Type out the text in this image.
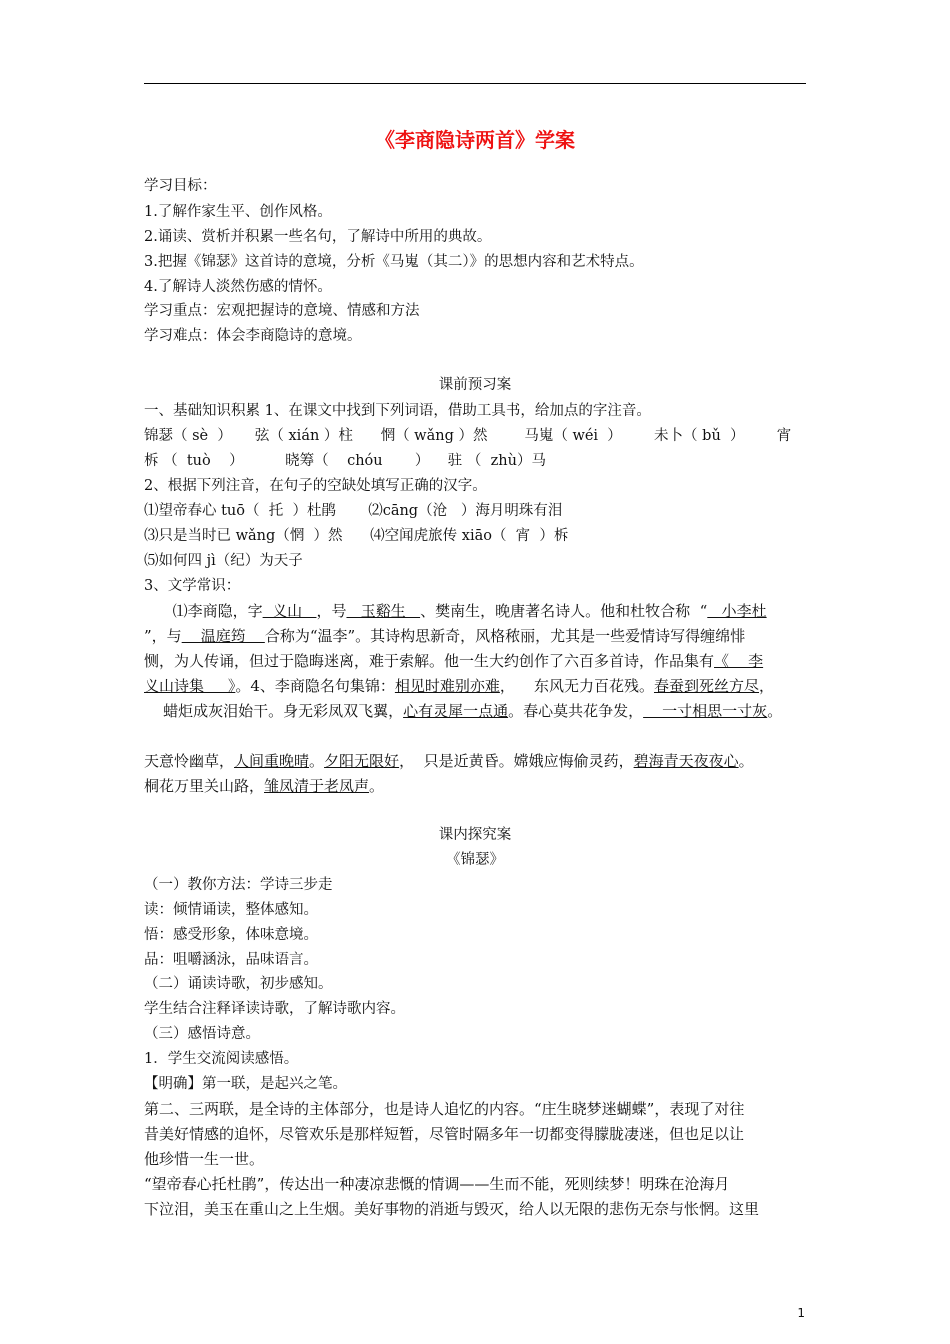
《李商隐诗两首》学案
学习目标：
1.了解作家生平、创作风格。
2.诵读、赏析并积累一些名句，了解诗中所用的典故。
3.把握《锦瑟》这首诗的意境，分析《马嵬（其二）》的思想内容和艺术特点。
4.了解诗人淡然伤感的情怀。
学习重点：宏观把握诗的意境、情感和方法
学习难点：体会李商隐诗的意境。
课前预习案
一、基础知识积累 1、在课文中找到下列词语，借助工具书，给加点的字注音。
锦瑟（ sè  ）     弦（ xián ）柱      惘（ wǎng ）然        马嵬（ wéi  ）       未卜（ bǔ  ）       宵
柝 （  tuò    ）         晓筹（    chóu       ）    驻 （  zhù）马
2、根据下列注音，在句子的空缺处填写正确的汉字。
⑴望帝春心 tuō（  托  ）杜鹃       ⑵cāng（沧   ）海月明珠有泪
⑶只是当时已 wǎng（惘  ）然      ⑷空闻虎旅传 xiāo（  宵  ）柝
⑸如何四 jì（纪）为天子
3、文学常识：
⑴李商隐，字  义山   ，号   玉谿生   、樊南生，晚唐著名诗人。他和杜牧合称  “   小李杜
”，与    温庭筠    合称为“温李”。其诗构思新奇，风格秾丽，尤其是一些爱情诗写得缠绵悱
恻，为人传诵，但过于隐晦迷离，难于索解。他一生大约创作了六百多首诗，作品集有《    李
义山诗集     》。4、李商隐名句集锦：相见时难别亦难，    东风无力百花残。春蚕到死丝方尽，
蜡炬成灰泪始干。身无彩凤双飞翼，心有灵犀一点通。春心莫共花争发，    一寸相思一寸灰。
天意怜幽草，人间重晚晴。夕阳无限好，  只是近黄昏。嫦娥应悔偷灵药，碧海青天夜夜心。
桐花万里关山路，雏凤清于老凤声。
课内探究案
《锦瑟》
（一）教你方法：学诗三步走
读：倾情诵读，整体感知。
悟：感受形象，体味意境。
品：咀嚼涵泳，品味语言。
（二）诵读诗歌，初步感知。
学生结合注释译读诗歌，了解诗歌内容。
（三）感悟诗意。
1．学生交流阅读感悟。
【明确】第一联，是起兴之笔。
第二、三两联，是全诗的主体部分，也是诗人追忆的内容。“庄生晓梦迷蝴蝶”，表现了对往
昔美好情感的追怀，尽管欢乐是那样短暂，尽管时隔多年一切都变得朦胧凄迷，但也足以让
他珍惜一生一世。
“望帝春心托杜鹃”，传达出一种凄凉悲慨的情调——生而不能，死则续梦！明珠在沧海月
下泣泪，美玉在重山之上生烟。美好事物的消逝与毁灭，给人以无限的悲伤无奈与怅惘。这里
1
